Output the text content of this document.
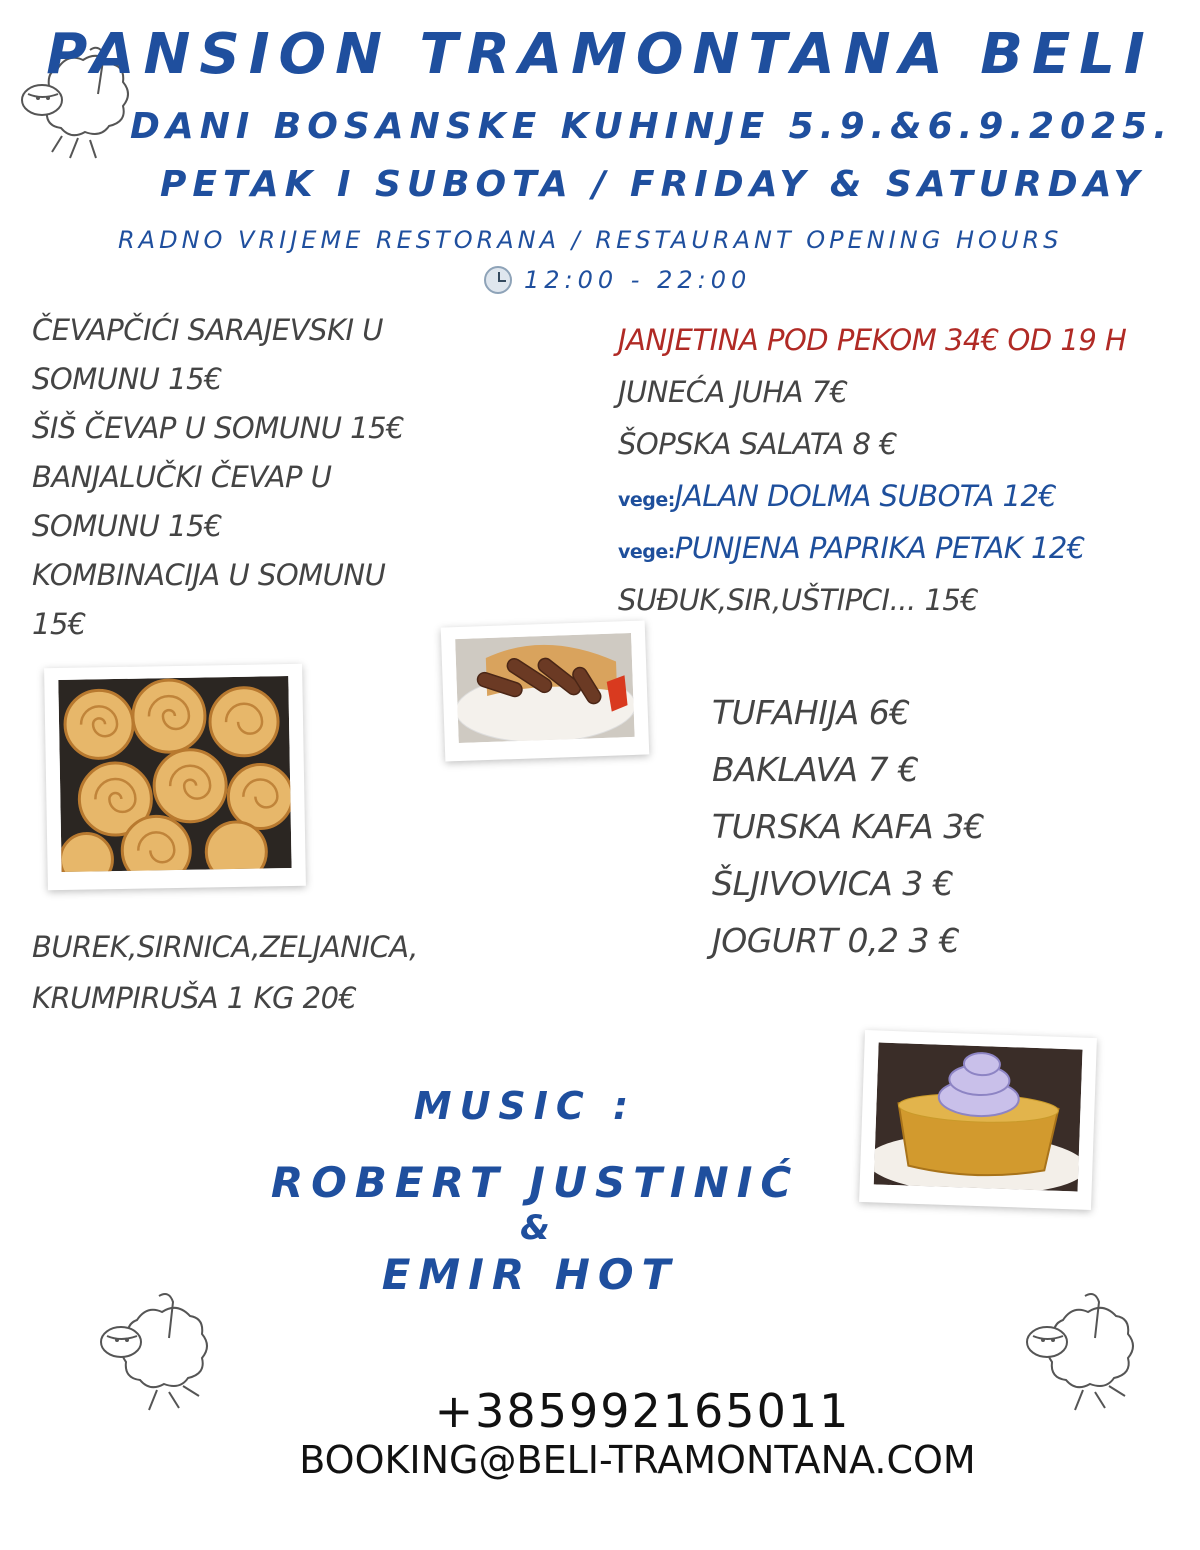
PANSION TRAMONTANA BELI
DANI BOSANSKE KUHINJE 5.9.&6.9.2025.
PETAK I SUBOTA / FRIDAY & SATURDAY
RADNO VRIJEME RESTORANA / RESTAURANT OPENING HOURS
12:00 - 22:00
ČEVAPČIĆI SARAJEVSKI U
SOMUNU 15€
ŠIŠ ČEVAP U SOMUNU 15€
BANJALUČKI ČEVAP U
SOMUNU 15€
KOMBINACIJA U SOMUNU
15€
JANJETINA POD PEKOM 34€ OD 19 H
JUNEĆA JUHA 7€
ŠOPSKA SALATA 8 €
vege:JALAN DOLMA SUBOTA 12€
vege:PUNJENA PAPRIKA PETAK 12€
SUĐUK,SIR,UŠTIPCI... 15€
TUFAHIJA 6€
BAKLAVA 7 €
TURSKA KAFA 3€
ŠLJIVOVICA 3 €
JOGURT 0,2 3 €
BUREK,SIRNICA,ZELJANICA,
KRUMPIRUŠA 1 KG 20€
MUSIC :
ROBERT JUSTINIĆ
&
EMIR HOT
+385992165011
BOOKING@BELI-TRAMONTANA.COM
